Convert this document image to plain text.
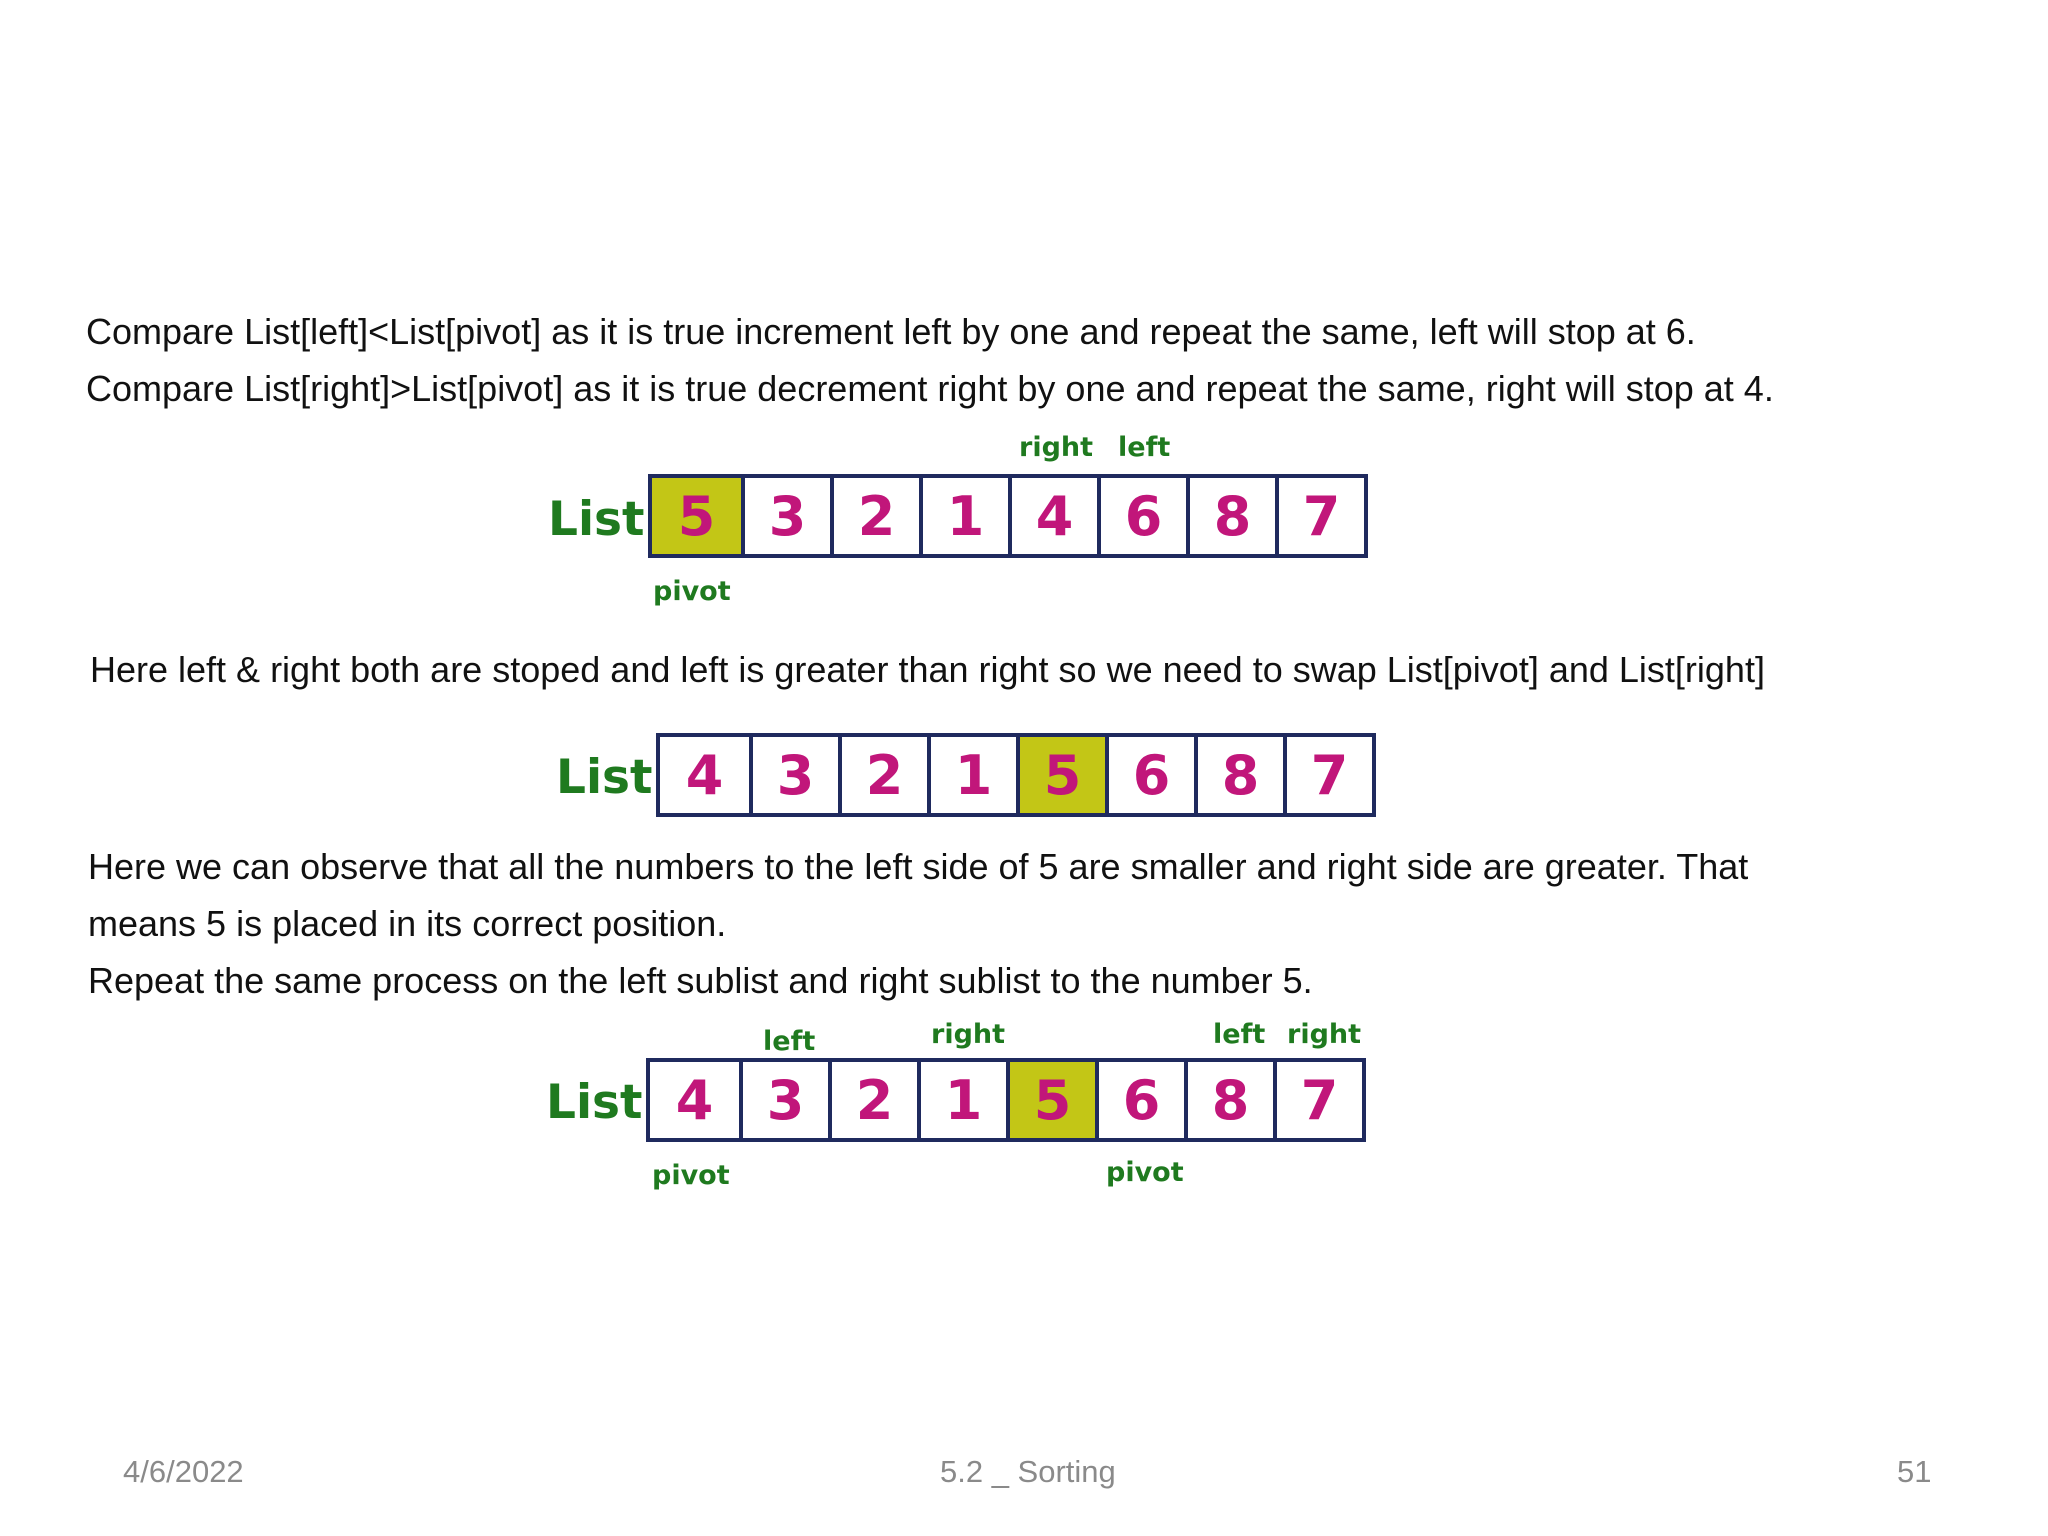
Compare List[left]<List[pivot] as it is true increment left by one and repeat the same, left will stop at 6.

Compare List[right]>List[pivot] as it is true decrement right by one and repeat the same, right will stop at 4.

List
right left
5 3 2 1 4 6 8 7
pivot

Here left & right both are stoped and left is greater than right so we need to swap List[pivot] and List[right]

List 4 3 2 1 5 6 8 7

Here we can observe that all the numbers to the left side of 5 are smaller and right side are greater. That

means 5 is placed in its correct position.

Repeat the same process on the left sublist and right sublist to the number 5.

List
left	right	left right
4 3 2 1 5 6 8 7
pivot	pivot
4/6/2022	5.2 _ Sorting	51
